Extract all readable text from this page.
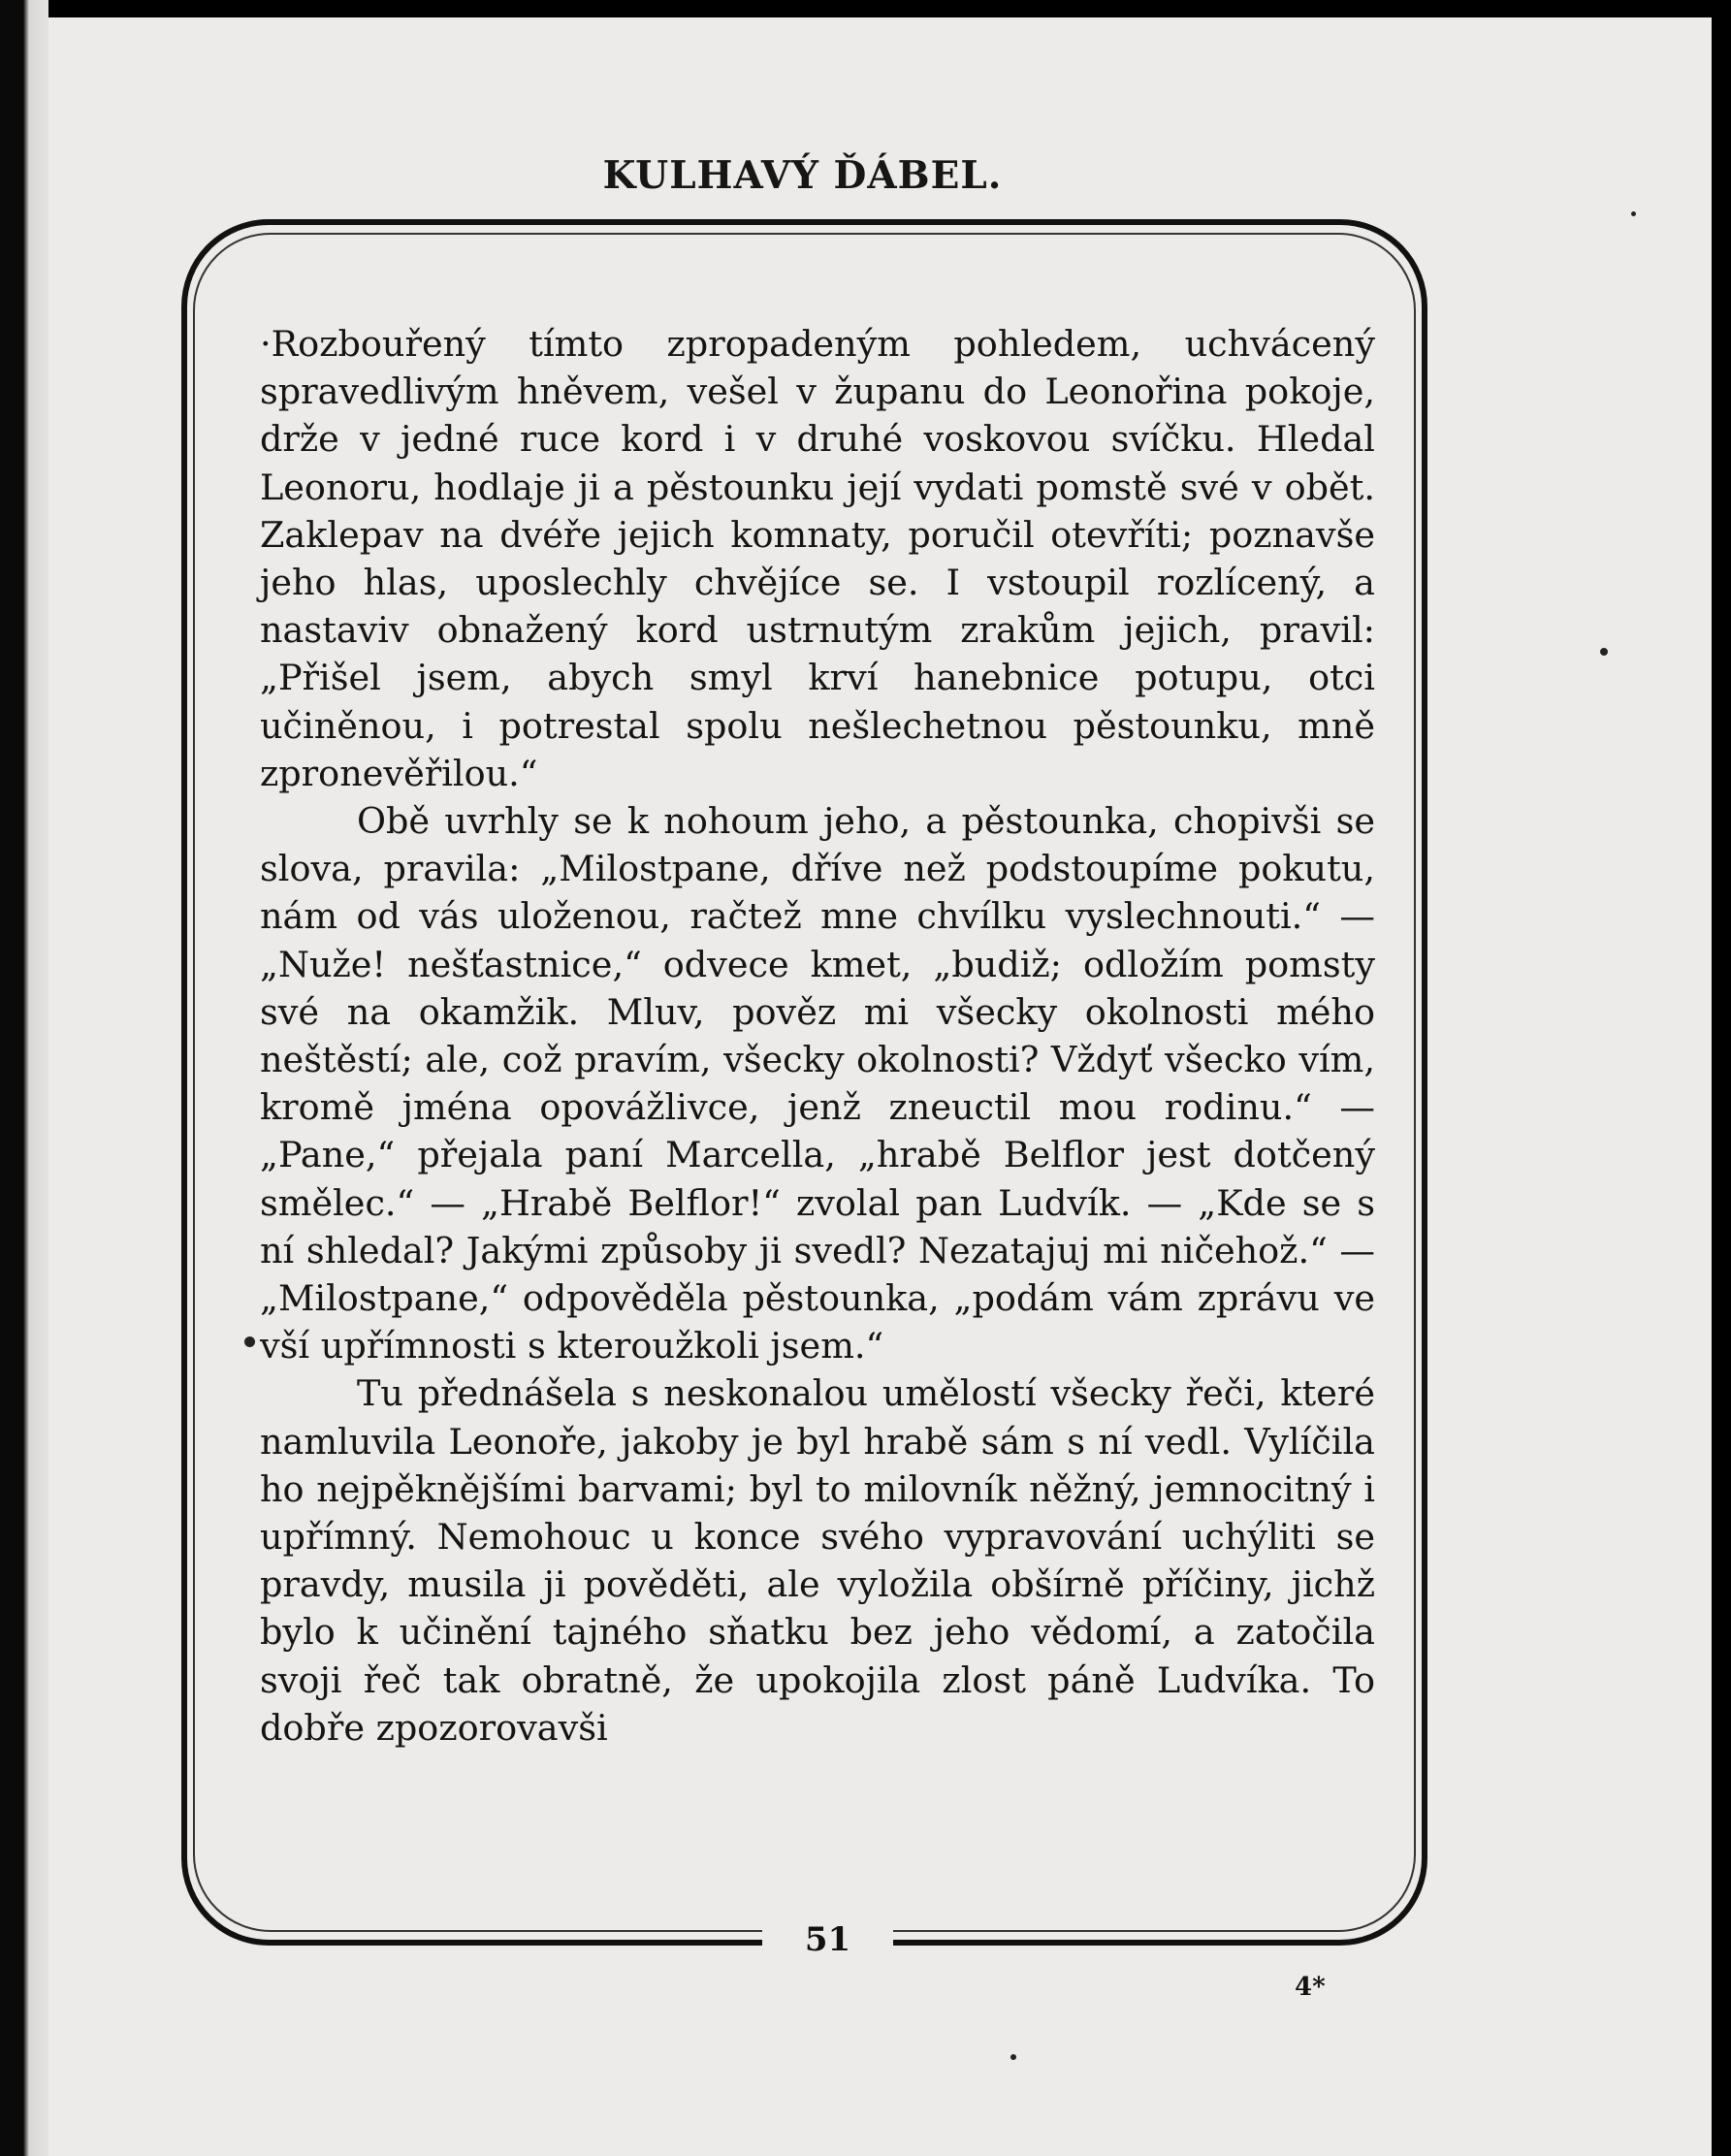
KULHAVÝ ĎÁBEL.

·Rozbouřený tímto zpropadeným pohledem, uchvácený spravedlivým hněvem, vešel v županu do Leonořina pokoje, drže v jedné ruce kord i v druhé voskovou svíčku. Hledal Leonoru, hodlaje ji a pěstounku její vydati pomstě své v obět. Zaklepav na dvéře jejich komnaty, poručil otevříti; poznavše jeho hlas, uposlechly chvějíce se. I vstoupil rozlícený, a nastaviv obnažený kord ustrnutým zrakům jejich, pravil: „Přišel jsem, abych smyl krví hanebnice potupu, otci učiněnou, i potrestal spolu nešlechetnou pěstounku, mně zpronevěřilou.“

Obě uvrhly se k nohoum jeho, a pěstounka, chopivši se slova, pravila: „Milostpane, dříve než podstoupíme pokutu, nám od vás uloženou, račtež mne chvílku vyslechnouti.“ — „Nuže! nešťastnice,“ odvece kmet, „budiž; odložím pomsty své na okamžik. Mluv, pověz mi všecky okolnosti mého neštěstí; ale, což pravím, všecky okolnosti? Vždyť všecko vím, kromě jména opovážlivce, jenž zneuctil mou rodinu.“ — „Pane,“ přejala paní Marcella, „hrabě Belflor jest dotčený smělec.“ — „Hrabě Belflor!“ zvolal pan Ludvík. — „Kde se s ní shledal? Jakými způsoby ji svedl? Nezatajuj mi ničehož.“ — „Milostpane,“ odpověděla pěstounka, „podám vám zprávu ve vší upřímnosti s kteroužkoli jsem.“

Tu přednášela s neskonalou umělostí všecky řeči, které namluvila Leonoře, jakoby je byl hrabě sám s ní vedl. Vylíčila ho nejpěknějšími barvami; byl to milovník něžný, jemnocitný i upřímný. Nemohouc u konce svého vypravování uchýliti se pravdy, musila ji pověděti, ale vyložila obšírně příčiny, jichž bylo k učinění tajného sňatku bez jeho vědomí, a zatočila svoji řeč tak obratně, že upokojila zlost páně Ludvíka. To dobře zpozorovavši

51
4*
